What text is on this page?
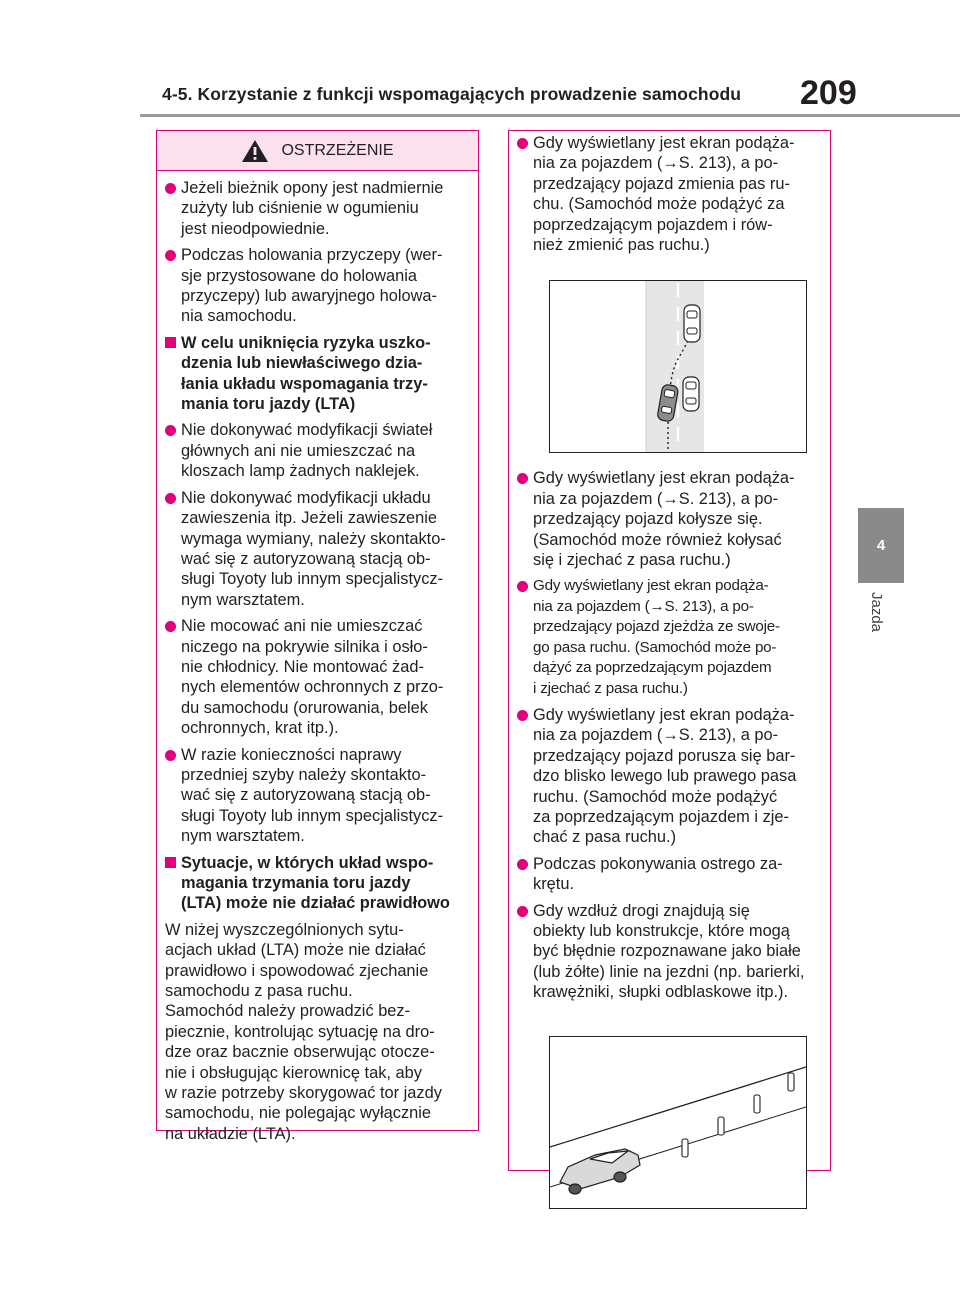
4-5. Korzystanie z funkcji wspomagających prowadzenie samochodu	209
4
Jazda
OSTRZEŻENIE
Jeżeli bieżnik opony jest nadmiernie
zużyty lub ciśnienie w ogumieniu
jest nieodpowiednie.
Podczas holowania przyczepy (wer-
sje przystosowane do holowania
przyczepy) lub awaryjnego holowa-
nia samochodu.
W celu uniknięcia ryzyka uszko-
dzenia lub niewłaściwego dzia-
łania układu wspomagania trzy-
mania toru jazdy (LTA)
Nie dokonywać modyfikacji świateł
głównych ani nie umieszczać na
kloszach lamp żadnych naklejek.
Nie dokonywać modyfikacji układu
zawieszenia itp. Jeżeli zawieszenie
wymaga wymiany, należy skontakto-
wać się z autoryzowaną stacją ob-
sługi Toyoty lub innym specjalistycz-
nym warsztatem.
Nie mocować ani nie umieszczać
niczego na pokrywie silnika i osło-
nie chłodnicy. Nie montować żad-
nych elementów ochronnych z przo-
du samochodu (orurowania, belek
ochronnych, krat itp.).
W razie konieczności naprawy
przedniej szyby należy skontakto-
wać się z autoryzowaną stacją ob-
sługi Toyoty lub innym specjalistycz-
nym warsztatem.
Sytuacje, w których układ wspo-
magania trzymania toru jazdy
(LTA) może nie działać prawidłowo

W niżej wyszczególnionych sytu-
acjach układ (LTA) może nie działać
prawidłowo i spowodować zjechanie
samochodu z pasa ruchu.
Samochód należy prowadzić bez-
piecznie, kontrolując sytuację na dro-
dze oraz bacznie obserwując otocze-
nie i obsługując kierownicę tak, aby
w razie potrzeby skorygować tor jazdy
samochodu, nie polegając wyłącznie
na układzie (LTA).

Gdy wyświetlany jest ekran podąża-
nia za pojazdem (→S. 213), a po-
przedzający pojazd zmienia pas ru-
chu. (Samochód może podążyć za
poprzedzającym pojazdem i rów-
nież zmienić pas ruchu.)
Gdy wyświetlany jest ekran podąża-
nia za pojazdem (→S. 213), a po-
przedzający pojazd kołysze się.
(Samochód może również kołysać
się i zjechać z pasa ruchu.)
Gdy wyświetlany jest ekran podąża-
nia za pojazdem (→S. 213), a po-
przedzający pojazd zjeżdża ze swoje-
go pasa ruchu. (Samochód może po-
dążyć za poprzedzającym pojazdem
i zjechać z pasa ruchu.)
Gdy wyświetlany jest ekran podąża-
nia za pojazdem (→S. 213), a po-
przedzający pojazd porusza się bar-
dzo blisko lewego lub prawego pasa
ruchu. (Samochód może podążyć
za poprzedzającym pojazdem i zje-
chać z pasa ruchu.)
Podczas pokonywania ostrego za-
krętu.
Gdy wzdłuż drogi znajdują się
obiekty lub konstrukcje, które mogą
być błędnie rozpoznawane jako białe
(lub żółte) linie na jezdni (np. barierki,
krawężniki, słupki odblaskowe itp.).
